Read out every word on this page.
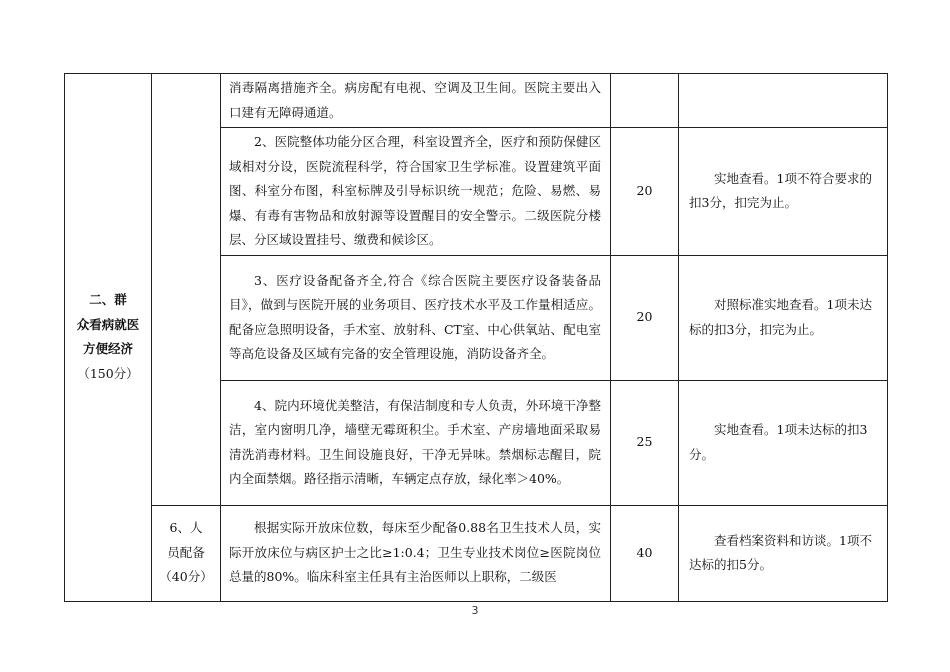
二、群
众看病就医
方便经济
（150分）		消毒隔离措施齐全。病房配有电视、空调及卫生间。医院主要出入口建有无障碍通道。		

		2、医院整体功能分区合理，科室设置齐全，医疗和预防保健区域相对分设，医院流程科学，符合国家卫生学标准。设置建筑平面图、科室分布图，科室标牌及引导标识统一规范；危险、易燃、易爆、有毒有害物品和放射源等设置醒目的安全警示。二级医院分楼层、分区域设置挂号、缴费和候诊区。	20	实地查看。1项不符合要求的扣3分，扣完为止。

		3、医疗设备配备齐全,符合《综合医院主要医疗设备装备品目》，做到与医院开展的业务项目、医疗技术水平及工作量相适应。配备应急照明设备，手术室、放射科、CT室、中心供氧站、配电室等高危设备及区域有完备的安全管理设施，消防设备齐全。	20	对照标准实地查看。1项未达标的扣3分，扣完为止。

		4、院内环境优美整洁，有保洁制度和专人负责，外环境干净整洁，室内窗明几净，墙壁无霉斑积尘。手术室、产房墙地面采取易清洗消毒材料。卫生间设施良好，干净无异味。禁烟标志醒目，院内全面禁烟。路径指示清晰，车辆定点存放，绿化率＞40%。	25	实地查看。1项未达标的扣3分。

	6、人
员配备
（40分）	根据实际开放床位数，每床至少配备0.88名卫生技术人员，实际开放床位与病区护士之比≥1:0.4；卫生专业技术岗位≥医院岗位总量的80%。临床科室主任具有主治医师以上职称，二级医	40	查看档案资料和访谈。1项不达标的扣5分。

3
